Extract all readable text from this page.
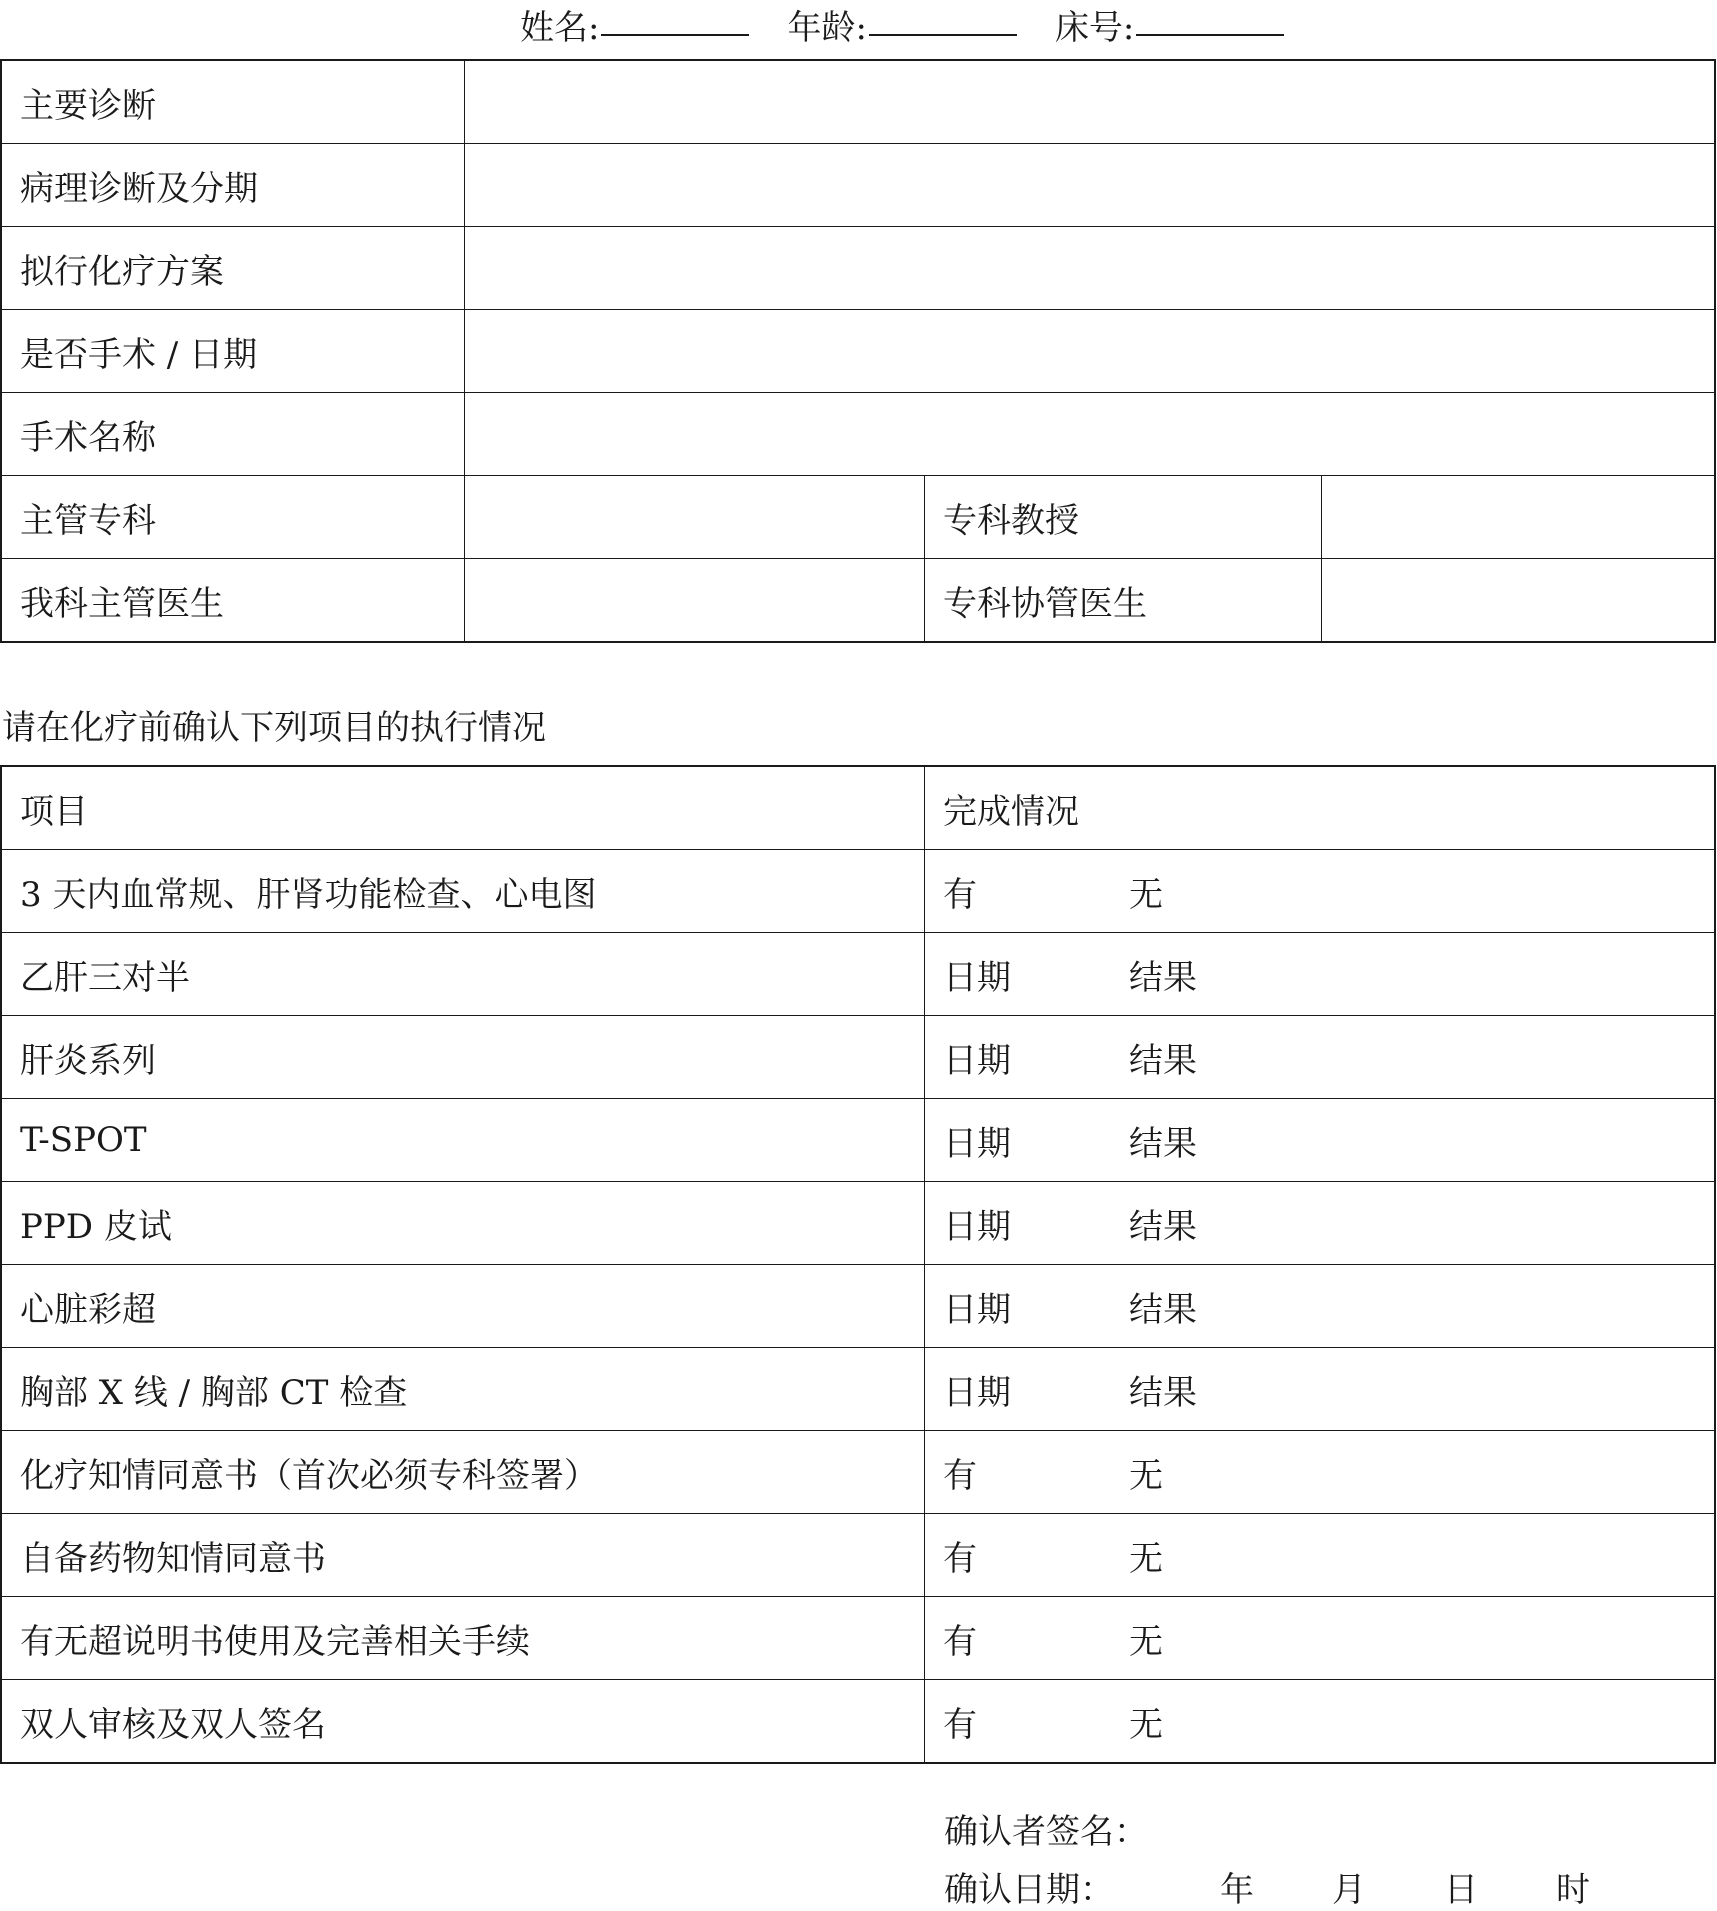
姓名:	年龄:	床号:
主要诊断			
病理诊断及分期			
拟行化疗方案			
是否手术 / 日期			
手术名称			
主管专科		专科教授	
我科主管医生		专科协管医生	
请在化疗前确认下列项目的执行情况
项目	完成情况
3 天内血常规、肝肾功能检查、心电图	有 无

乙肝三对半	日期 结果

肝炎系列	日期 结果

T-SPOT	日期 结果

PPD 皮试	日期 结果

心脏彩超	日期 结果

胸部 X 线 / 胸部 CT 检查	日期 结果

化疗知情同意书（首次必须专科签署）	有 无

自备药物知情同意书	有 无

有无超说明书使用及完善相关手续	有 无

双人审核及双人签名	有 无
确认者签名：
确认日期：	年	月	日	时
